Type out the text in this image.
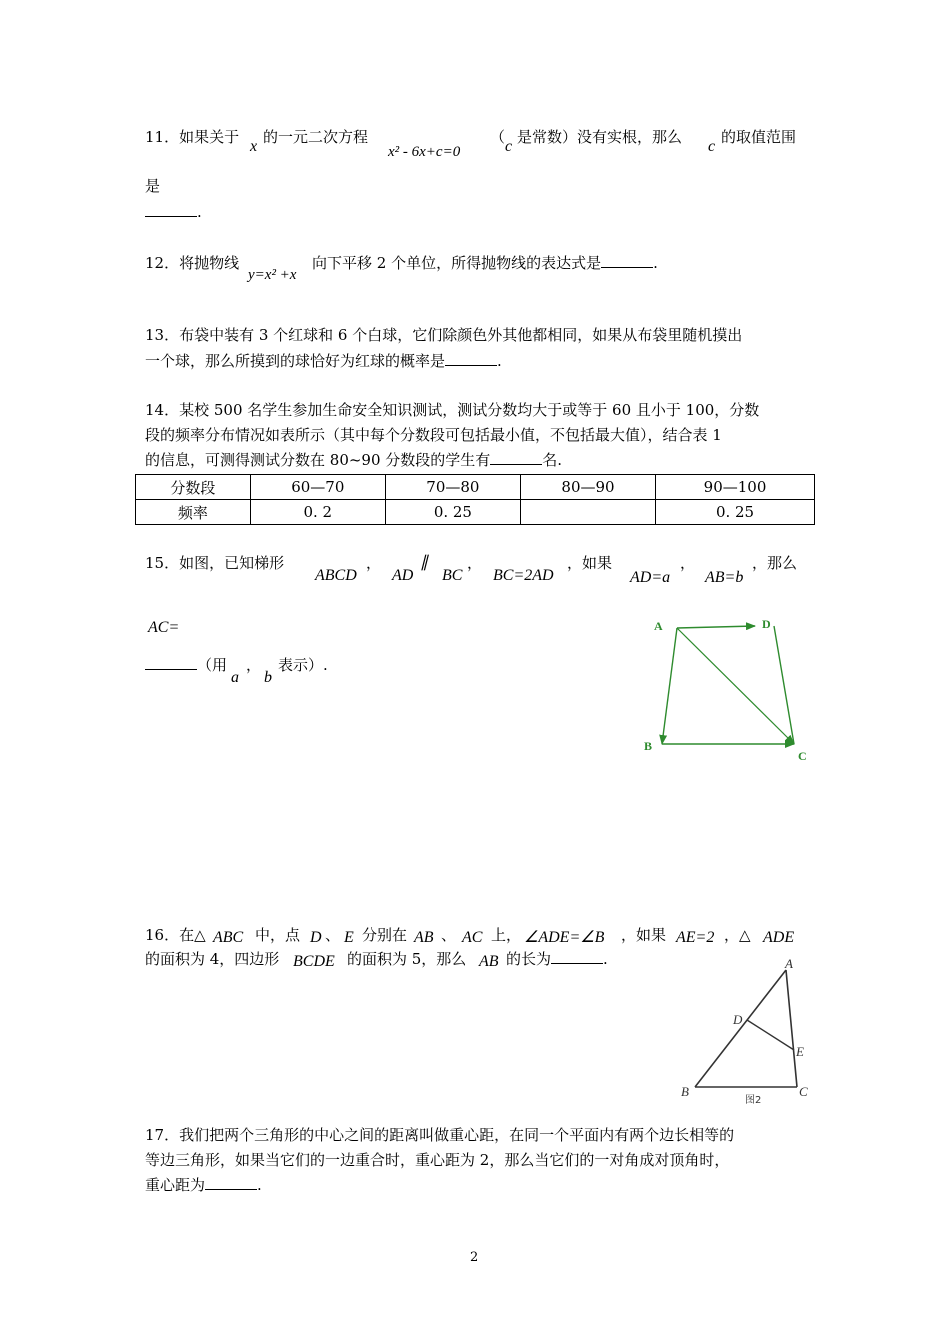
11．如果关于
x
的一元二次方程
x² - 6x+c=0
（
c
是常数）没有实根，那么
c
的取值范围
是
.
12．将抛物线
y=x² +x
向下平移 2 个单位，所得抛物线的表达式是	.
13．布袋中装有 3 个红球和 6 个白球，它们除颜色外其他都相同，如果从布袋里随机摸出
一个球，那么所摸到的球恰好为红球的概率是	.
14．某校 500 名学生参加生命安全知识测试，测试分数均大于或等于 60 且小于 100，分数
段的频率分布情况如表所示（其中每个分数段可包括最小值，不包括最大值），结合表 1
的信息，可测得测试分数在 80~90 分数段的学生有	名.
分数段	60—70	70—80	80—90	90—100
频率	0. 2	0. 25		0. 25
15．如图，已知梯形
ABCD
，
AD
∥
BC
，
BC=2AD
，如果
AD=a
，
AB=b
，那么
AC=
（用
a
，
b
表示）.
A	D
B
C
16．在△ ABC 中，点 D 、 E 分别在 AB 、 AC 上， ∠ADE=∠B ，如果 AE=2 ，△ ADE
的面积为 4，四边形 BCDE 的面积为 5，那么 AB 的长为	.	A
D
E
B	C
图2
17．我们把两个三角形的中心之间的距离叫做重心距，在同一个平面内有两个边长相等的
等边三角形，如果当它们的一边重合时，重心距为 2，那么当它们的一对角成对顶角时，
重心距为	.
2
